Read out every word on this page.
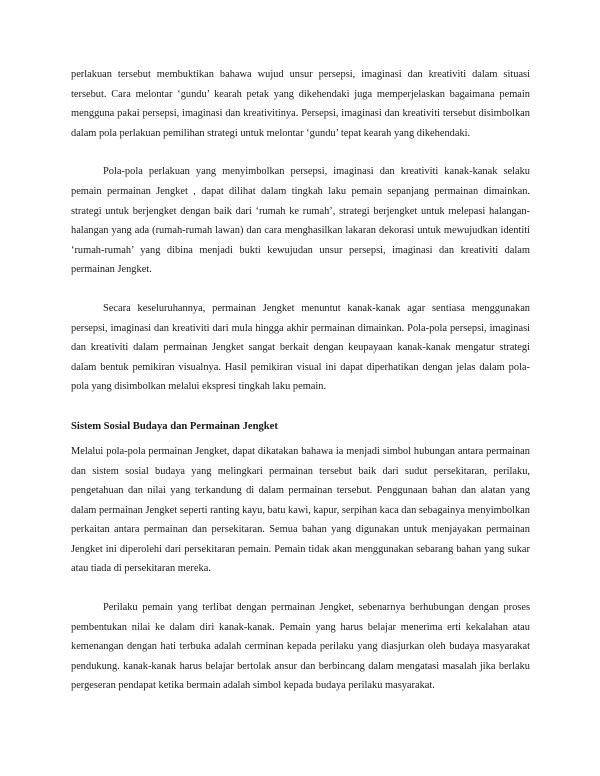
perlakuan tersebut membuktikan bahawa wujud unsur persepsi, imaginasi dan kreativiti dalam situasi tersebut. Cara melontar ‘gundu’ kearah petak yang dikehendaki juga memperjelaskan bagaimana pemain mengguna pakai persepsi, imaginasi dan kreativitinya. Persepsi, imaginasi dan kreativiti tersebut disimbolkan dalam pola perlakuan pemilihan strategi untuk melontar ‘gundu’ tepat kearah yang dikehendaki.

Pola-pola perlakuan yang menyimbolkan persepsi, imaginasi dan kreativiti kanak-kanak selaku pemain permainan Jengket , dapat dilihat dalam tingkah laku pemain sepanjang permainan dimainkan. strategi untuk berjengket dengan baik dari ‘rumah ke rumah’, strategi berjengket untuk melepasi halangan-halangan yang ada (rumah-rumah lawan) dan cara menghasilkan lakaran dekorasi untuk mewujudkan identiti ‘rumah-rumah’ yang dibina menjadi bukti kewujudan unsur persepsi, imaginasi dan kreativiti dalam permainan Jengket.

Secara keseluruhannya, permainan Jengket menuntut kanak-kanak agar sentiasa menggunakan persepsi, imaginasi dan kreativiti dari mula hingga akhir permainan dimainkan. Pola-pola persepsi, imaginasi dan kreativiti dalam permainan Jengket sangat berkait dengan keupayaan kanak-kanak mengatur strategi dalam bentuk pemikiran visualnya. Hasil pemikiran visual ini dapat diperhatikan dengan jelas dalam pola-pola yang disimbolkan melalui ekspresi tingkah laku pemain.

Sistem Sosial Budaya dan Permainan Jengket

Melalui pola-pola permainan Jengket, dapat dikatakan bahawa ia menjadi simbol hubungan antara permainan dan sistem sosial budaya yang melingkari permainan tersebut baik dari sudut persekitaran, perilaku, pengetahuan dan nilai yang terkandung di dalam permainan tersebut. Penggunaan bahan dan alatan yang dalam permainan Jengket seperti ranting kayu, batu kawi, kapur, serpihan kaca dan sebagainya menyimbolkan perkaitan antara permainan dan persekitaran. Semua bahan yang digunakan untuk menjayakan permainan Jengket ini diperolehi dari persekitaran pemain. Pemain tidak akan menggunakan sebarang bahan yang sukar atau tiada di persekitaran mereka.

Perilaku pemain yang terlibat dengan permainan Jengket, sebenarnya berhubungan dengan proses pembentukan nilai ke dalam diri kanak-kanak. Pemain yang harus belajar menerima erti kekalahan atau kemenangan dengan hati terbuka adalah cerminan kepada perilaku yang diasjurkan oleh budaya masyarakat pendukung. kanak-kanak harus belajar bertolak ansur dan berbincang dalam mengatasi masalah jika berlaku pergeseran pendapat ketika bermain adalah simbol kepada budaya perilaku masyarakat.
